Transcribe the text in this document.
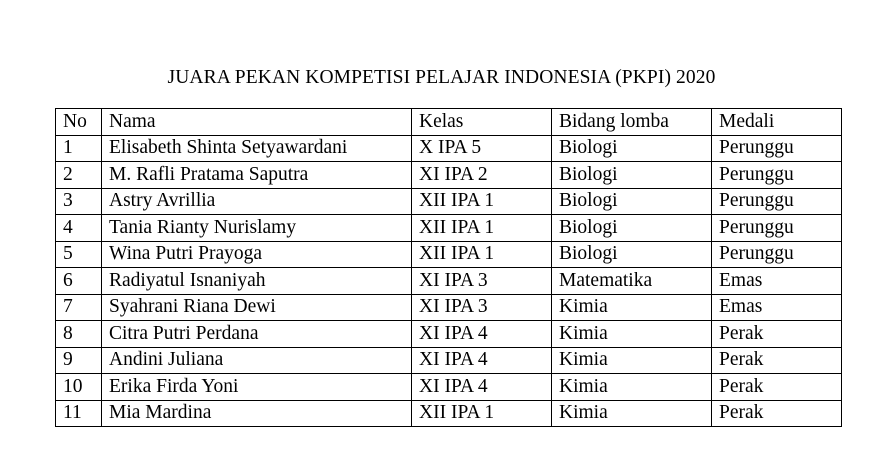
JUARA PEKAN KOMPETISI PELAJAR INDONESIA (PKPI) 2020
No	Nama	Kelas	Bidang lomba	Medali
1	Elisabeth Shinta Setyawardani	X IPA 5	Biologi	Perunggu
2	M. Rafli Pratama Saputra	XI IPA 2	Biologi	Perunggu
3	Astry Avrillia	XII IPA 1	Biologi	Perunggu
4	Tania Rianty Nurislamy	XII IPA 1	Biologi	Perunggu
5	Wina Putri Prayoga	XII IPA 1	Biologi	Perunggu
6	Radiyatul Isnaniyah	XI IPA 3	Matematika	Emas
7	Syahrani Riana Dewi	XI IPA 3	Kimia	Emas
8	Citra Putri Perdana	XI IPA 4	Kimia	Perak
9	Andini Juliana	XI IPA 4	Kimia	Perak
10	Erika Firda Yoni	XI IPA 4	Kimia	Perak
11	Mia Mardina	XII IPA 1	Kimia	Perak
